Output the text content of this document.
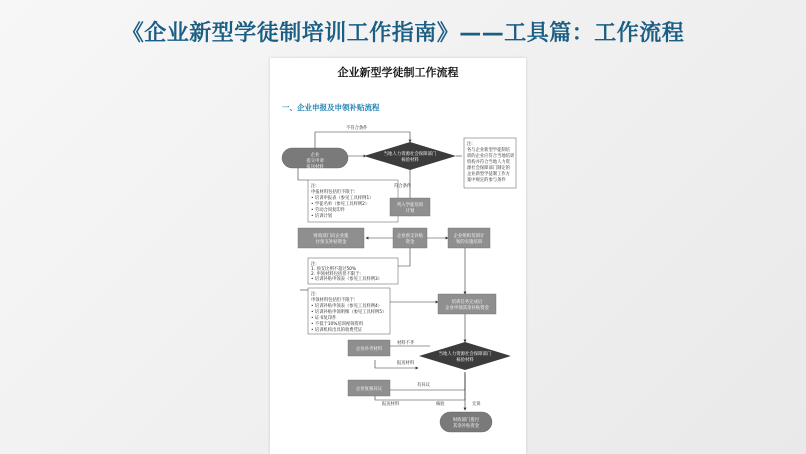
《企业新型学徒制培训工作指南》——工具篇：工作流程
企业新型学徒制工作流程
一、企业申报及申领补贴流程
企业
提交申请
报送材料
当地人力资源社会保障部门
核验材料
注:
各与企业新型学徒制培
训的企业应符合当地培训
机构并符合当地人力资
源社会保障部门制定的
企业新型学徒制工作方
案中规定的参与条件
注:
申报材料包括但不限于:
• 培训申报表（参见工具样例1）
• 学徒名单（参见工具样例2）
• 劳动合同复印件
• 培训计划
列入学徒培训
计划
财政部门向企业拨
付预支补贴资金
企业预支补贴
资金
企业组织培训计
划的实施培训
注:
1. 预支比例不超过50%
2. 申领材料包括但不限于:
• 培训补贴申领表（参见工具样例3）
注:
申领材料包括但不限于:
• 培训补贴申领表（参见工具样例4）
• 培训补贴申领明细（参见工具样例5）
• 证书复印件
• 不低于10%培训视频资料
• 培训机构出具的收费凭证
培训任务完成后
企业申领其余补贴资金
企业补齐材料
当地人力资源社会保障部门
核验材料
企业复核异议
财政部门拨付
其余补贴资金
不符合条件
符合条件
材料不齐
报送材料
有异议
报送材料	核验	无误
